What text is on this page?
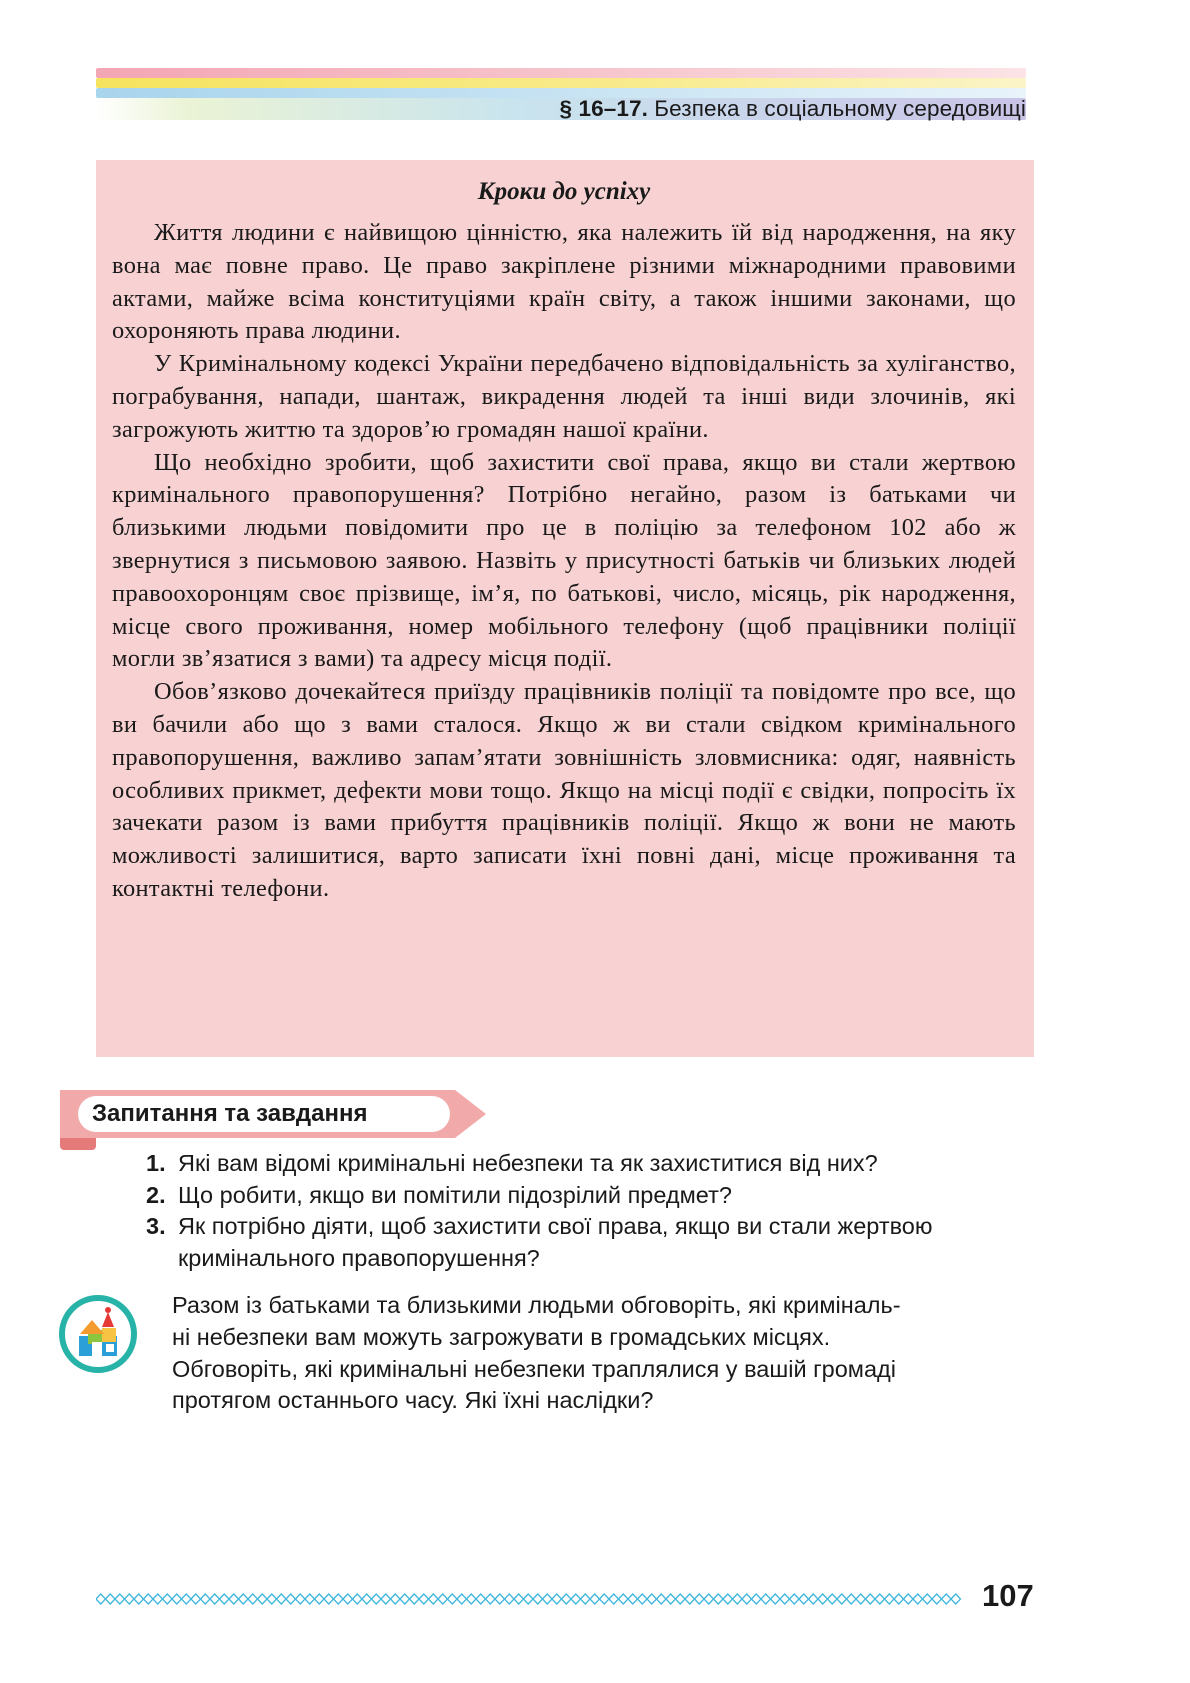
§ 16–17. Безпека в соціальному середовищі
Кроки до успіху

Життя людини є найвищою цінністю, яка належить їй від народження, на яку вона має повне право. Це право закріплене різними міжнародними правовими актами, майже всіма конституціями країн світу, а також іншими законами, що охороняють права людини.

У Кримінальному кодексі України передбачено відповідальність за хуліганство, пограбування, напади, шантаж, викрадення людей та інші види злочинів, які загрожують життю та здоров’ю громадян нашої країни.

Що необхідно зробити, щоб захистити свої права, якщо ви стали жертвою кримінального правопорушення? Потрібно негайно, разом із батьками чи близькими людьми повідомити про це в поліцію за телефоном 102 або ж звернутися з письмовою заявою. Назвіть у присутності батьків чи близьких людей правоохоронцям своє прізвище, ім’я, по батькові, число, місяць, рік народження, місце свого проживання, номер мобільного телефону (щоб працівники поліції могли зв’язатися з вами) та адресу місця події.

Обов’язково дочекайтеся приїзду працівників поліції та повідомте про все, що ви бачили або що з вами сталося. Якщо ж ви стали свідком кримінального правопорушення, важливо запам’ятати зовнішність зловмисника: одяг, наявність особливих прикмет, дефекти мови тощо. Якщо на місці події є свідки, попросіть їх зачекати разом із вами прибуття працівників поліції. Якщо ж вони не мають можливості залишитися, варто записати їхні повні дані, місце проживання та контактні телефони.

Запитання та завдання
1. Які вам відомі кримінальні небезпеки та як захиститися від них?
2. Що робити, якщо ви помітили підозрілий предмет?
3. Як потрібно діяти, щоб захистити свої права, якщо ви стали жертвою кримінального правопорушення?

Разом із батьками та близькими людьми обговоріть, які криміналь-

ні небезпеки вам можуть загрожувати в громадських місцях.

Обговоріть, які кримінальні небезпеки траплялися у вашій громаді

протягом останнього часу. Які їхні наслідки?

107
